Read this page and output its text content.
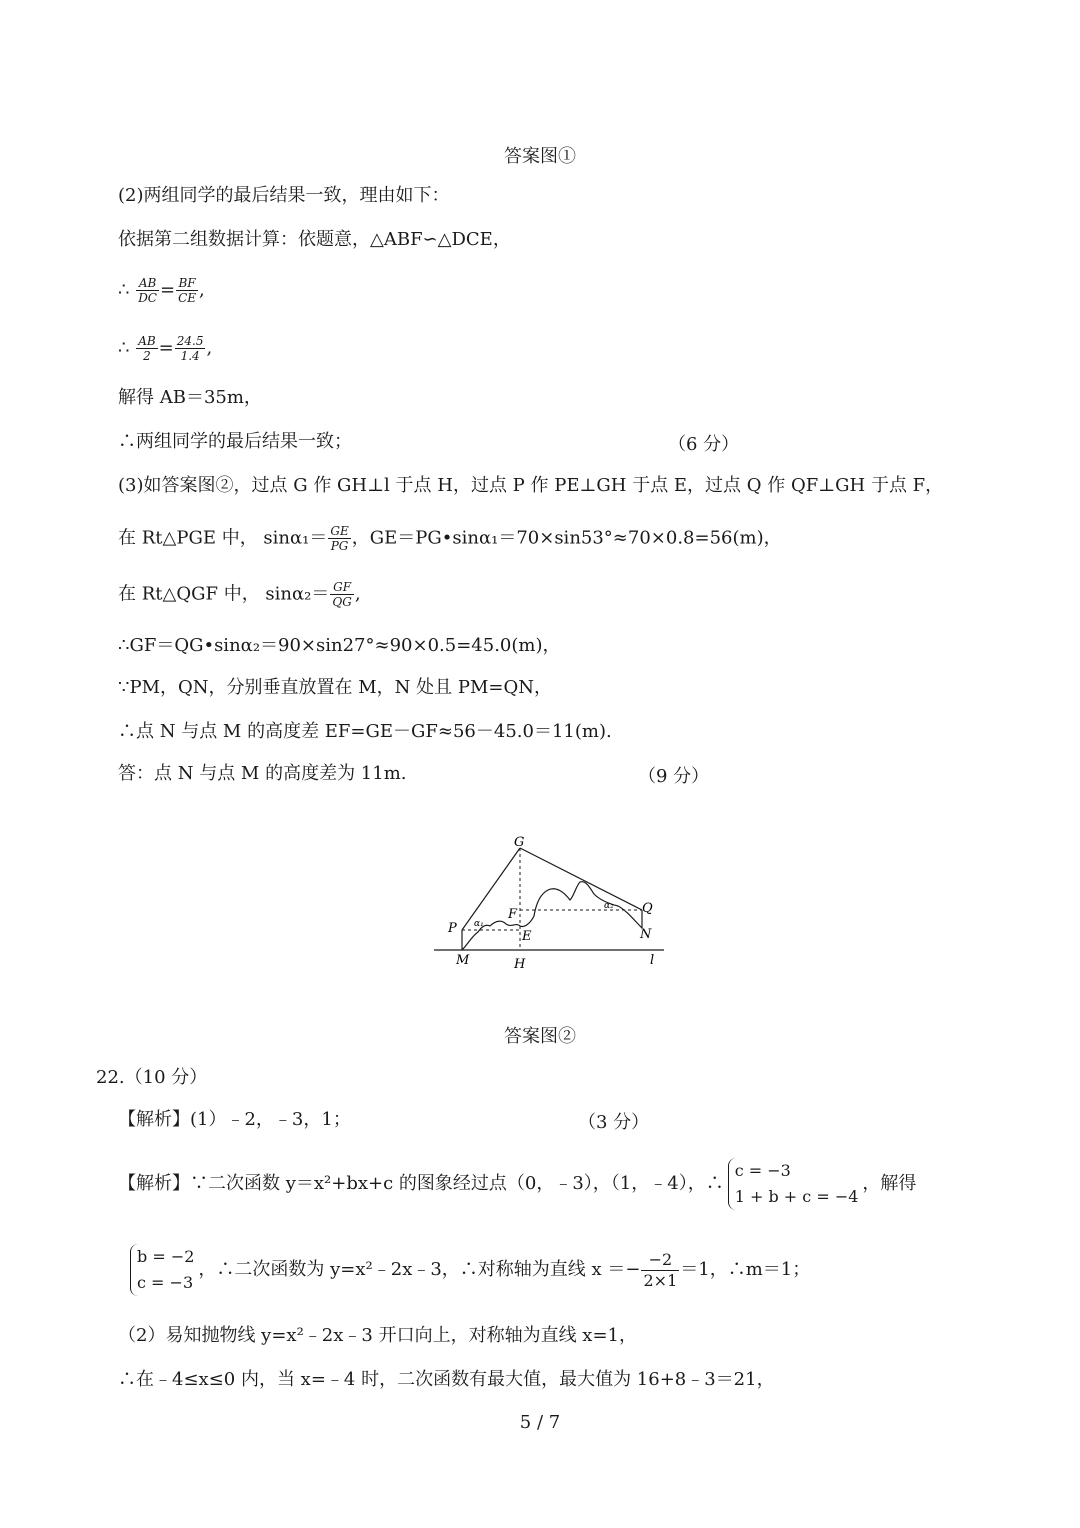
答案图①
(2)两组同学的最后结果一致，理由如下：
依据第二组数据计算：依题意，△ABF∽△DCE，
∴ $\frac{AB}{DC} = \frac{BF}{CE}$ ,
∴ $\frac{AB}{2} = \frac{24.5}{1.4}$ ,
解得 AB＝35m，
∴两组同学的最后结果一致；	（6 分）
(3)如答案图②，过点 G 作 GH⊥l 于点 H，过点 P 作 PE⊥GH 于点 E，过点 Q 作 QF⊥GH 于点 F，
在 Rt△PGE 中， $\sin\alpha_1= \frac{GE}{PG}$ ，GE＝PG•sinα₁＝70×sin53°≈70×0.8=56(m)，
在 Rt△QGF 中， $\sin\alpha_2= \frac{GF}{QG}$ ,
∴GF＝QG•sinα₂＝90×sin27°≈90×0.5=45.0(m)，
∵PM，QN，分别垂直放置在 M，N 处且 PM=QN，
∴点 N 与点 M 的高度差 EF=GE－GF≈56－45.0＝11(m).
答：点 N 与点 M 的高度差为 11m.	（9 分）
G
P
Q
F
E	N
M	H	l
α₁
α₂
答案图②
22.（10 分）
【解析】(1）﹣2，﹣3，1；	（3 分）
【解析】∵二次函数 y＝x²+bx+c 的图象经过点（0，﹣3），（1，﹣4），∴
c = −3
1 + b + c = −4
，解得
b = −2
c = −3
，∴二次函数为 y=x²﹣2x﹣3，∴对称轴为直线 $x =- \frac{-2}{2\times 1} =1$，∴m＝1；
（2）易知抛物线 y=x²﹣2x﹣3 开口向上，对称轴为直线 x=1，
∴在﹣4≤x≤0 内，当 x=﹣4 时，二次函数有最大值，最大值为 16+8﹣3＝21，
5 / 7
